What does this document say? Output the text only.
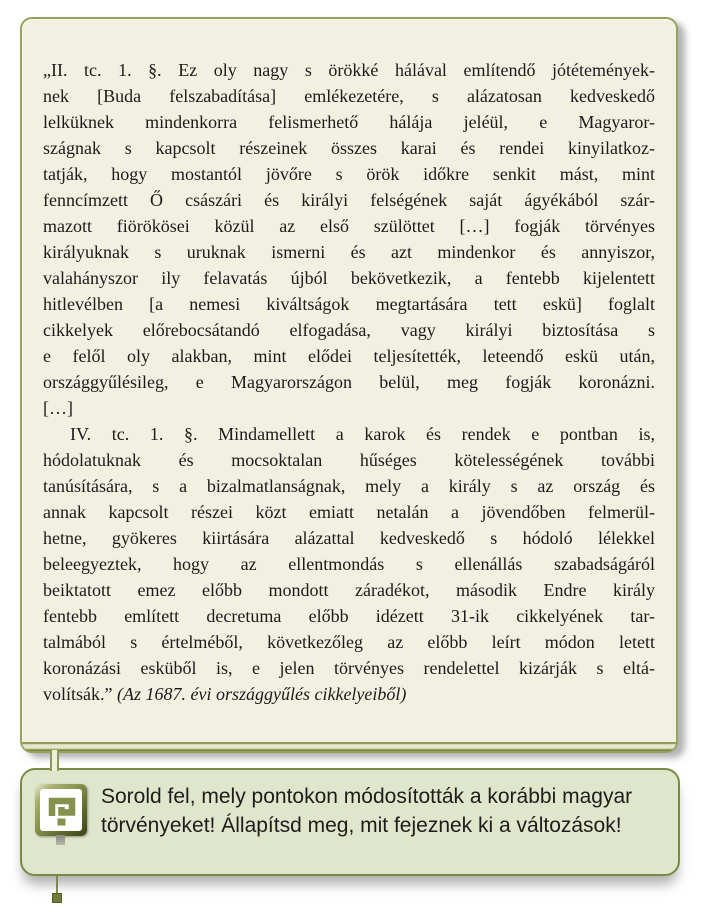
„II. tc. 1. §. Ez oly nagy s örökké hálával említendő jótétemények-
nek [Buda felszabadítása] emlékezetére, s alázatosan kedveskedő
lelküknek mindenkorra felismerhető hálája jeléül, e Magyaror-
szágnak s kapcsolt részeinek összes karai és rendei kinyilatkoz-
tatják, hogy mostantól jövőre s örök időkre senkit mást, mint
fenncímzett Ő császári és királyi felségének saját ágyékából szár-
mazott fiörökösei közül az első szülöttet […] fogják törvényes
királyuknak s uruknak ismerni és azt mindenkor és annyiszor,
valahányszor ily felavatás újból bekövetkezik, a fentebb kijelentett
hitlevélben [a nemesi kiváltságok megtartására tett eskü] foglalt
cikkelyek előrebocsátandó elfogadása, vagy királyi biztosítása s
e felől oly alakban, mint elődei teljesítették, leteendő eskü után,
országgyűlésileg, e Magyarországon belül, meg fogják koronázni.
[…]
IV. tc. 1. §. Mindamellett a karok és rendek e pontban is,
hódolatuknak és mocsoktalan hűséges kötelességének további
tanúsítására, s a bizalmatlanságnak, mely a király s az ország és
annak kapcsolt részei közt emiatt netalán a jövendőben felmerül-
hetne, gyökeres kiirtására alázattal kedveskedő s hódoló lélekkel
beleegyeztek, hogy az ellentmondás s ellenállás szabadságáról
beiktatott emez előbb mondott záradékot, második Endre király
fentebb említett decretuma előbb idézett 31-ik cikkelyének tar-
talmából s értelméből, következőleg az előbb leírt módon letett
koronázási esküből is, e jelen törvényes rendelettel kizárják s eltá-
volítsák.” (Az 1687. évi országgyűlés cikkelyeiből)
Sorold fel, mely pontokon módosították a korábbi magyar törvényeket! Állapítsd meg, mit fejeznek ki a változások!
